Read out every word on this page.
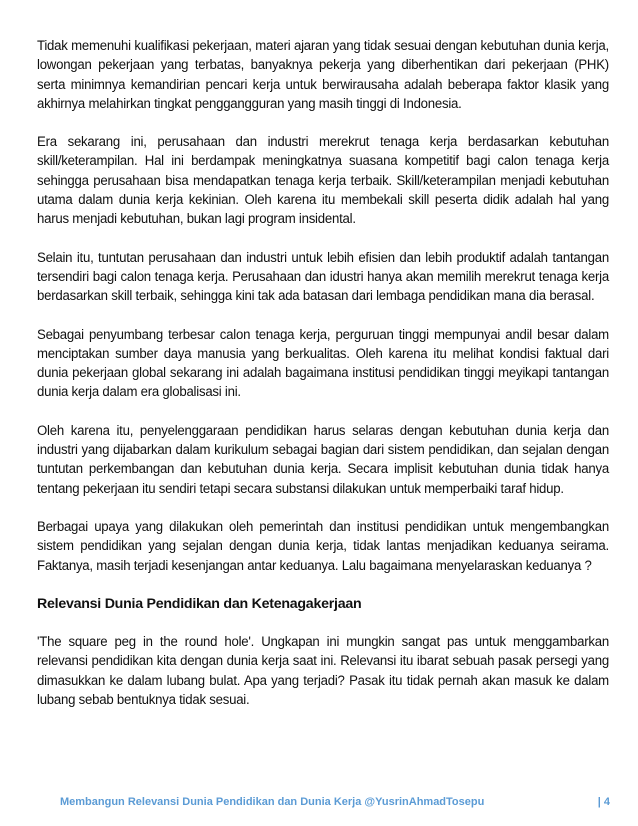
Tidak memenuhi kualifikasi pekerjaan, materi ajaran yang tidak sesuai dengan kebutuhan dunia kerja, lowongan pekerjaan yang terbatas, banyaknya pekerja yang diberhentikan dari pekerjaan (PHK) serta minimnya kemandirian pencari kerja untuk berwirausaha adalah beberapa faktor klasik yang akhirnya melahirkan tingkat penggangguran yang masih tinggi di Indonesia.

Era sekarang ini, perusahaan dan industri merekrut tenaga kerja berdasarkan kebutuhan skill/keterampilan. Hal ini berdampak meningkatnya suasana kompetitif bagi calon tenaga kerja sehingga perusahaan bisa mendapatkan tenaga kerja terbaik. Skill/keterampilan menjadi kebutuhan utama dalam dunia kerja kekinian. Oleh karena itu membekali skill peserta didik adalah hal yang harus menjadi kebutuhan, bukan lagi program insidental.

Selain itu, tuntutan perusahaan dan industri untuk lebih efisien dan lebih produktif adalah tantangan tersendiri bagi calon tenaga kerja. Perusahaan dan idustri hanya akan memilih merekrut tenaga kerja berdasarkan skill terbaik, sehingga kini tak ada batasan dari lembaga pendidikan mana dia berasal.

Sebagai penyumbang terbesar calon tenaga kerja, perguruan tinggi mempunyai andil besar dalam menciptakan sumber daya manusia yang berkualitas. Oleh karena itu melihat kondisi faktual dari dunia pekerjaan global sekarang ini adalah bagaimana institusi pendidikan tinggi meyikapi tantangan dunia kerja dalam era globalisasi ini.

Oleh karena itu, penyelenggaraan pendidikan harus selaras dengan kebutuhan dunia kerja dan industri yang dijabarkan dalam kurikulum sebagai bagian dari sistem pendidikan, dan sejalan dengan tuntutan perkembangan dan kebutuhan dunia kerja. Secara implisit kebutuhan dunia tidak hanya tentang pekerjaan itu sendiri tetapi secara substansi dilakukan untuk memperbaiki taraf hidup.

Berbagai upaya yang dilakukan oleh pemerintah dan institusi pendidikan untuk mengembangkan sistem pendidikan yang sejalan dengan dunia kerja, tidak lantas menjadikan keduanya seirama. Faktanya, masih terjadi kesenjangan antar keduanya. Lalu bagaimana menyelaraskan keduanya ?

Relevansi Dunia Pendidikan dan Ketenagakerjaan

'The square peg in the round hole'. Ungkapan ini mungkin sangat pas untuk menggambarkan relevansi pendidikan kita dengan dunia kerja saat ini. Relevansi itu ibarat sebuah pasak persegi yang dimasukkan ke dalam lubang bulat. Apa yang terjadi? Pasak itu tidak pernah akan masuk ke dalam lubang sebab bentuknya tidak sesuai.

Membangun Relevansi Dunia Pendidikan dan Dunia Kerja @YusrinAhmadTosepu	| 4
